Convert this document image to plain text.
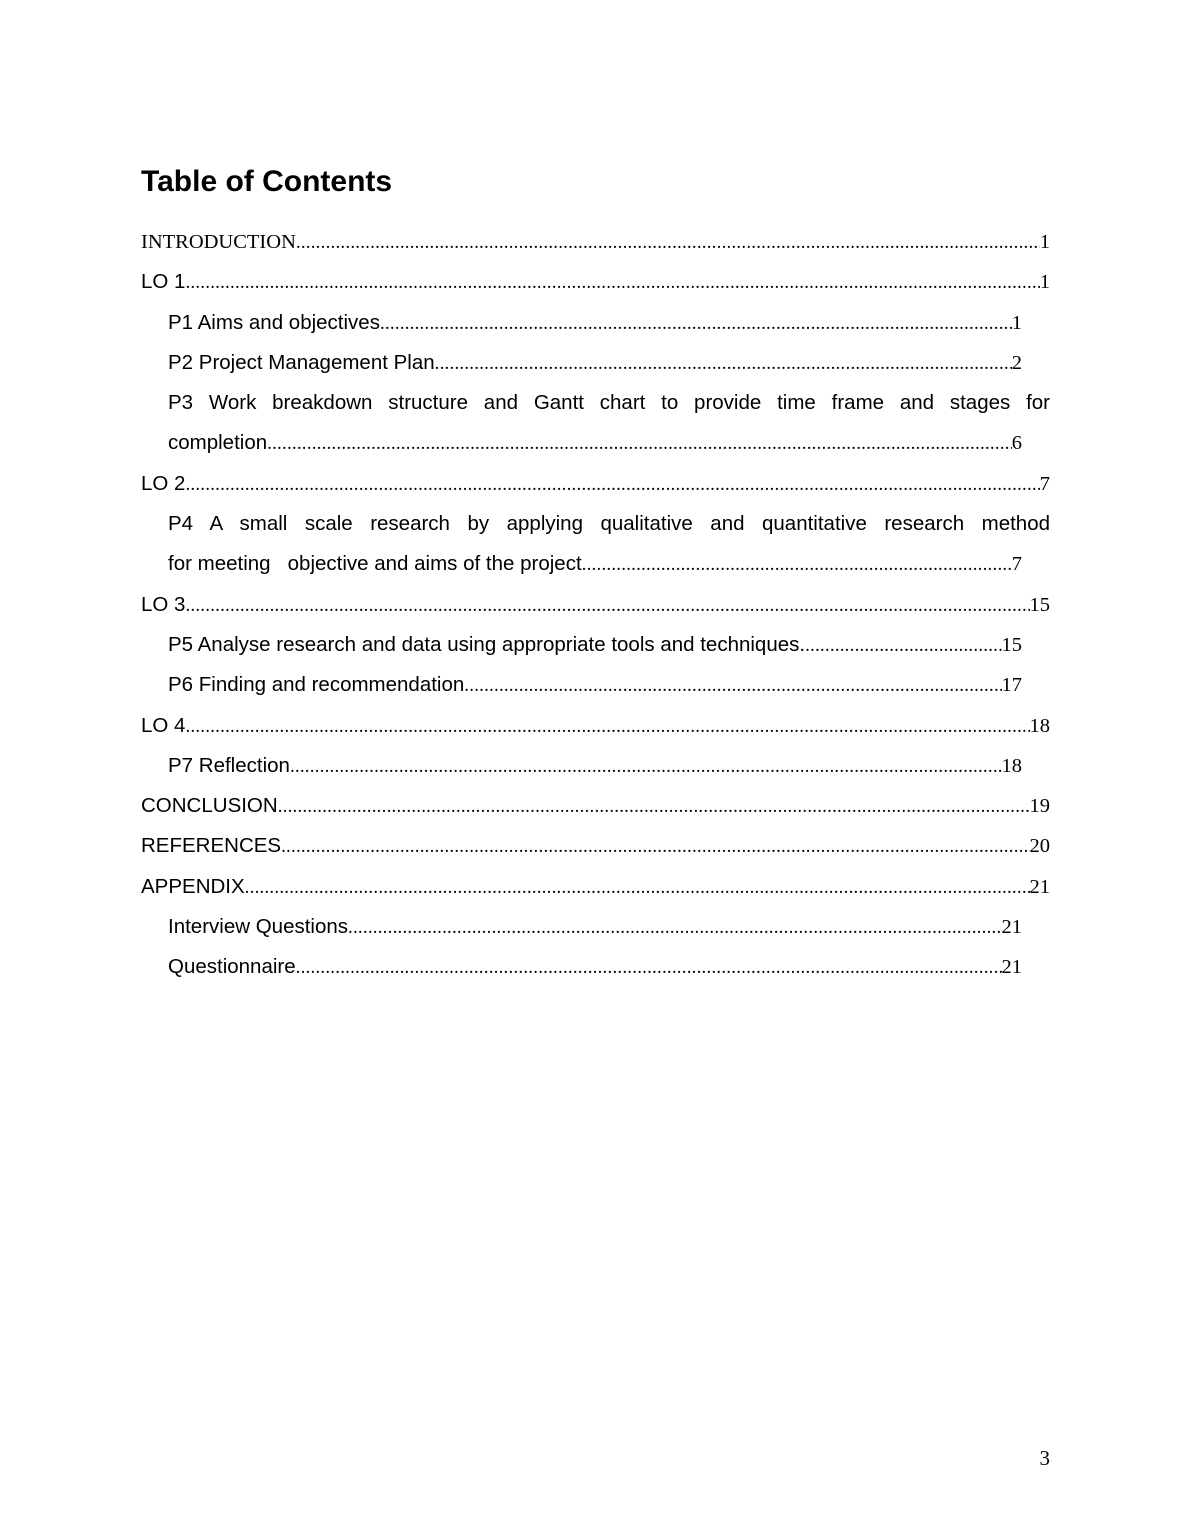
Table of Contents
INTRODUCTION .....	1
LO 1 .....	1
P1 Aims and objectives .....	1
P2 Project Management Plan .....	2
P3 Work breakdown structure and Gantt chart to provide time frame and stages for
completion .....	6
LO 2 .....	7
P4 A small scale research by applying qualitative and quantitative research method
for meeting   objective and aims of the project .....	7
LO 3 .....	15
P5 Analyse research and data using appropriate tools and techniques. .....	15
P6 Finding and recommendation .....	17
LO 4 .....	18
P7 Reflection .....	18
CONCLUSION .....	19
REFERENCES .....	20
APPENDIX .....	21
Interview Questions .....	21
Questionnaire .....	21
3
